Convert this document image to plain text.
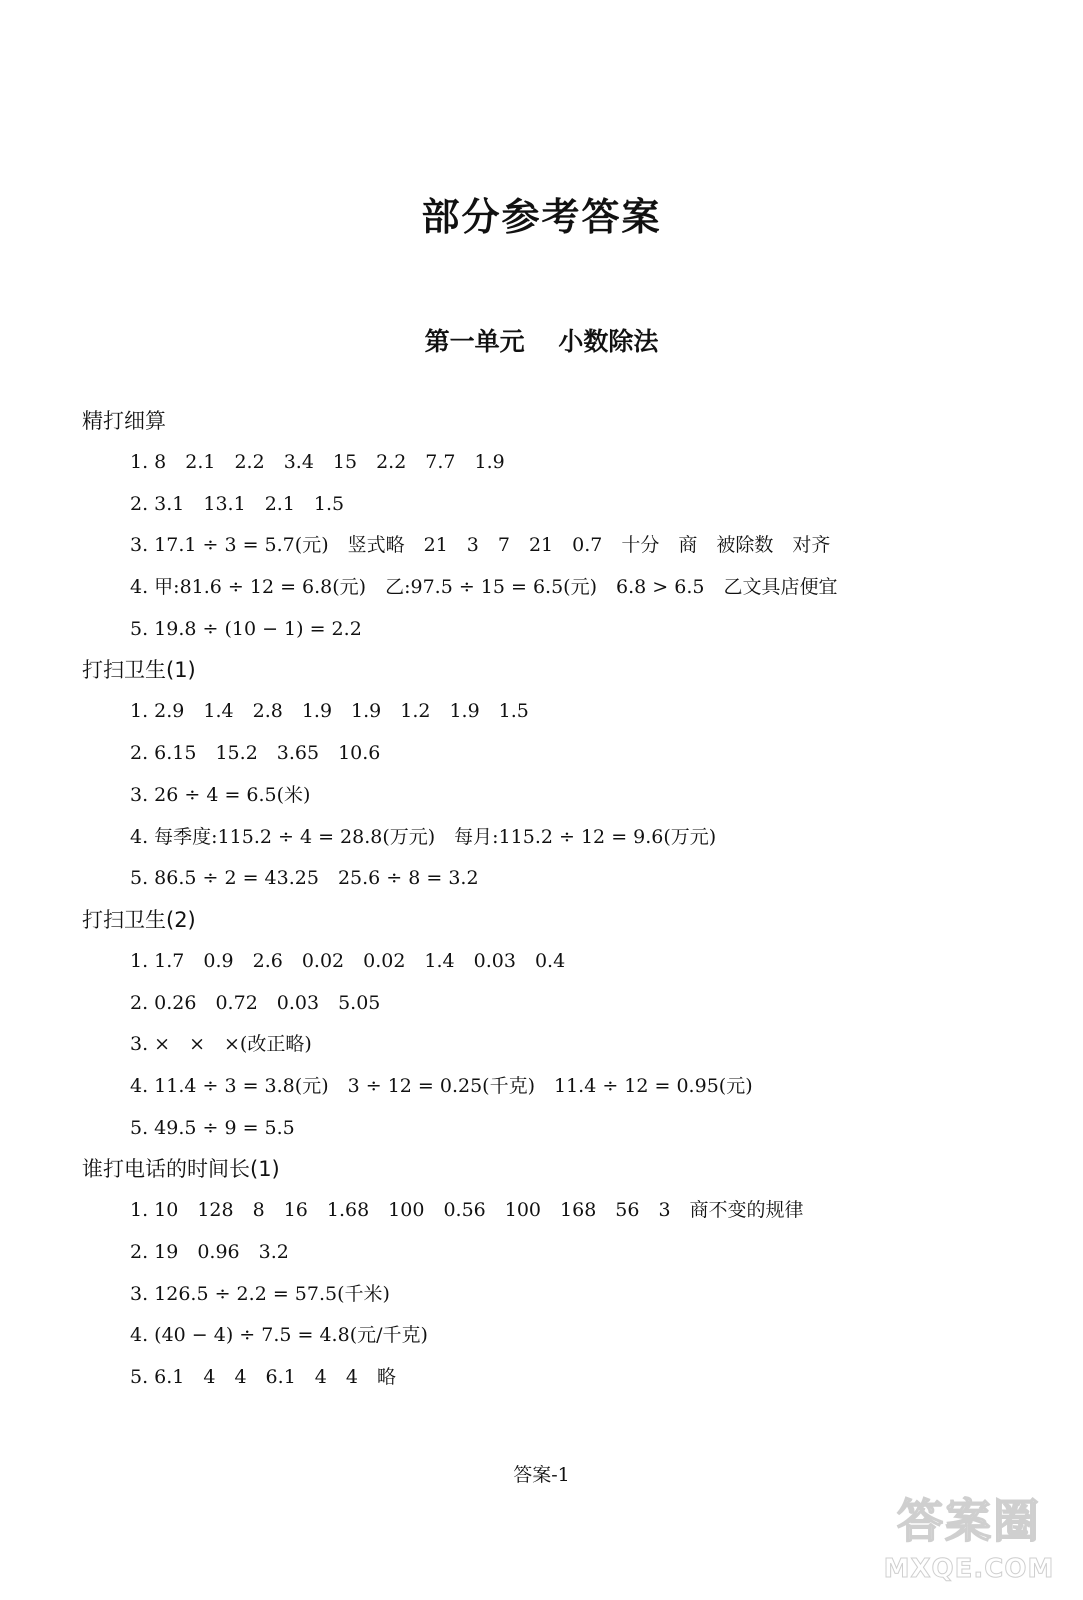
部分参考答案
第一单元　 小数除法
精打细算
1. 8　2.1　2.2　3.4　15　2.2　7.7　1.9
2. 3.1　13.1　2.1　1.5
3. 17.1 ÷ 3 = 5.7(元)　竖式略　21　3　7　21　0.7　十分　商　被除数　对齐
4. 甲:81.6 ÷ 12 = 6.8(元)　乙:97.5 ÷ 15 = 6.5(元)　6.8 > 6.5　乙文具店便宜
5. 19.8 ÷ (10 − 1) = 2.2
打扫卫生(1)
1. 2.9　1.4　2.8　1.9　1.9　1.2　1.9　1.5
2. 6.15　15.2　3.65　10.6
3. 26 ÷ 4 = 6.5(米)
4. 每季度:115.2 ÷ 4 = 28.8(万元)　每月:115.2 ÷ 12 = 9.6(万元)
5. 86.5 ÷ 2 = 43.25　25.6 ÷ 8 = 3.2
打扫卫生(2)
1. 1.7　0.9　2.6　0.02　0.02　1.4　0.03　0.4
2. 0.26　0.72　0.03　5.05
3. ×　×　×(改正略)
4. 11.4 ÷ 3 = 3.8(元)　3 ÷ 12 = 0.25(千克)　11.4 ÷ 12 = 0.95(元)
5. 49.5 ÷ 9 = 5.5
谁打电话的时间长(1)
1. 10　128　8　16　1.68　100　0.56　100　168　56　3　商不变的规律
2. 19　0.96　3.2
3. 126.5 ÷ 2.2 = 57.5(千米)
4. (40 − 4) ÷ 7.5 = 4.8(元/千克)
5. 6.1　4　4　6.1　4　4　略
答案-1
答案圈
MXQE.COM
